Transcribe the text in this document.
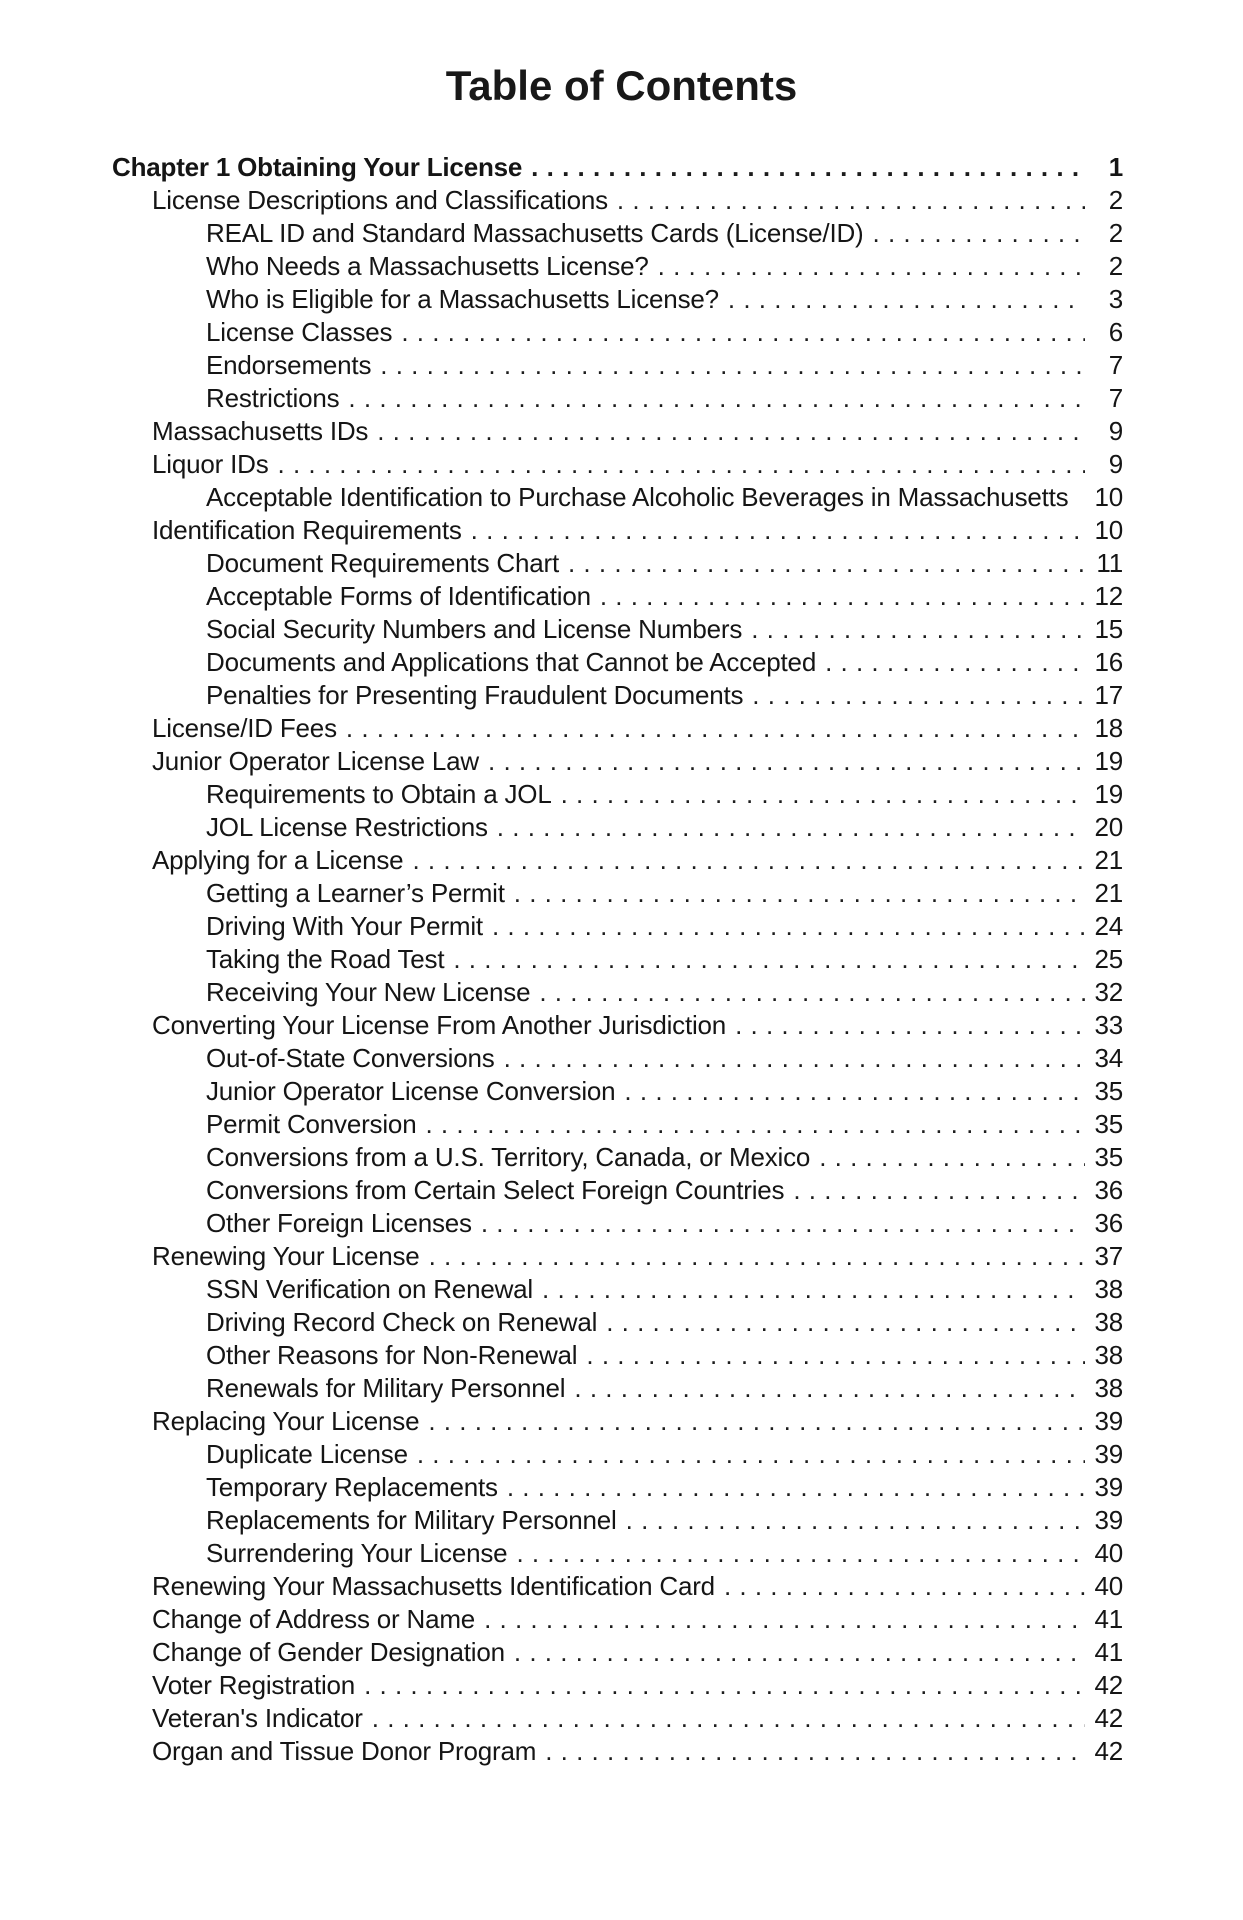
Table of Contents
Chapter 1 Obtaining Your License . . .	1
License Descriptions and Classifications . . .	2
REAL ID and Standard Massachusetts Cards (License/ID) . . .	2
Who Needs a Massachusetts License? . . .	2
Who is Eligible for a Massachusetts License? . . .	3
License Classes . . .	6
Endorsements . . .	7
Restrictions . . .	7
Massachusetts IDs . . .	9
Liquor IDs . . .	9
Acceptable Identification to Purchase Alcoholic Beverages in Massachusetts 10
Identification Requirements . . .	10
Document Requirements Chart . . .	11
Acceptable Forms of Identification . . .	12
Social Security Numbers and License Numbers . . .	15
Documents and Applications that Cannot be Accepted . . .	16
Penalties for Presenting Fraudulent Documents . . .	17
License/ID Fees . . .	18
Junior Operator License Law . . .	19
Requirements to Obtain a JOL . . .	19
JOL License Restrictions . . .	20
Applying for a License . . .	21
Getting a Learner’s Permit . . .	21
Driving With Your Permit . . .	24
Taking the Road Test . . .	25
Receiving Your New License . . .	32
Converting Your License From Another Jurisdiction . . .	33
Out-of-State Conversions . . .	34
Junior Operator License Conversion . . .	35
Permit Conversion . . .	35
Conversions from a U.S. Territory, Canada, or Mexico . . .	35
Conversions from Certain Select Foreign Countries . . .	36
Other Foreign Licenses . . .	36
Renewing Your License . . .	37
SSN Verification on Renewal . . .	38
Driving Record Check on Renewal . . .	38
Other Reasons for Non-Renewal . . .	38
Renewals for Military Personnel . . .	38
Replacing Your License . . .	39
Duplicate License . . .	39
Temporary Replacements . . .	39
Replacements for Military Personnel . . .	39
Surrendering Your License . . .	40
Renewing Your Massachusetts Identification Card . . .	40
Change of Address or Name . . .	41
Change of Gender Designation . . .	41
Voter Registration . . .	42
Veteran's Indicator . . .	42
Organ and Tissue Donor Program . . .	42
